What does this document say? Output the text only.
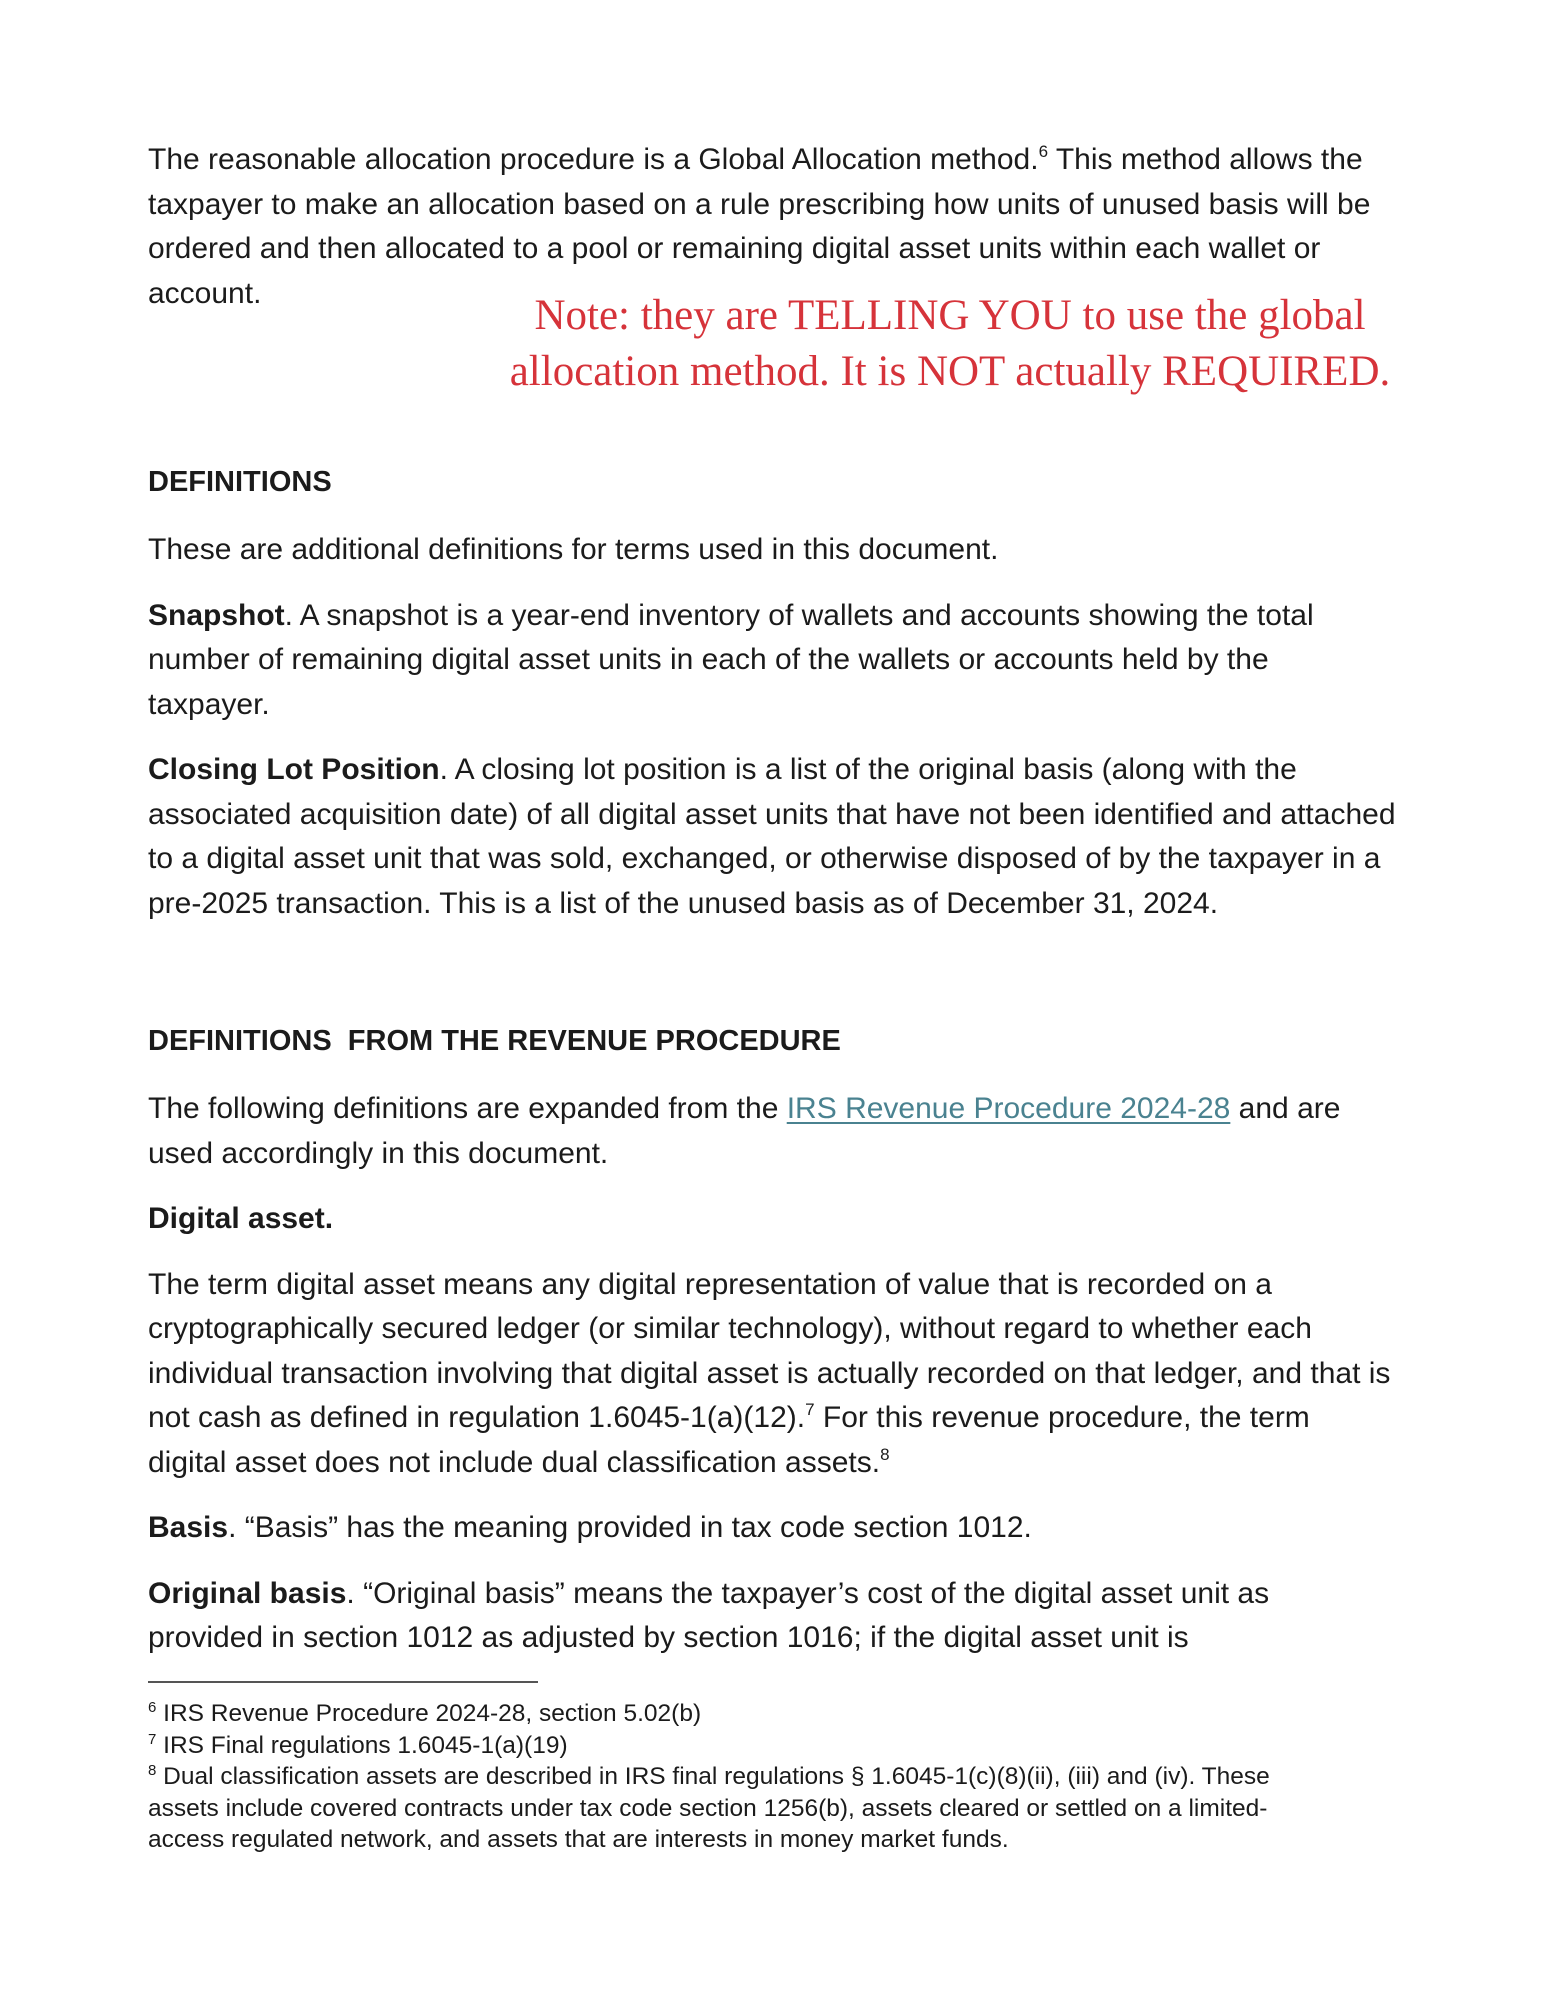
The reasonable allocation procedure is a Global Allocation method.$^6$ This method allows the taxpayer to make an allocation based on a rule prescribing how units of unused basis will be ordered and then allocated to a pool or remaining digital asset units within each wallet or account.

DEFINITIONS

These are additional definitions for terms used in this document.

Snapshot. A snapshot is a year-end inventory of wallets and accounts showing the total number of remaining digital asset units in each of the wallets or accounts held by the taxpayer.

Closing Lot Position. A closing lot position is a list of the original basis (along with the associated acquisition date) of all digital asset units that have not been identified and attached to a digital asset unit that was sold, exchanged, or otherwise disposed of by the taxpayer in a pre-2025 transaction. This is a list of the unused basis as of December 31, 2024.

DEFINITIONS  FROM THE REVENUE PROCEDURE

The following definitions are expanded from the IRS Revenue Procedure 2024-28 and are used accordingly in this document.

Digital asset.

The term digital asset means any digital representation of value that is recorded on a cryptographically secured ledger (or similar technology), without regard to whether each individual transaction involving that digital asset is actually recorded on that ledger, and that is not cash as defined in regulation 1.6045-1(a)(12).$^7$ For this revenue procedure, the term digital asset does not include dual classification assets.$^8$

Basis. “Basis” has the meaning provided in tax code section 1012.

Original basis. “Original basis” means the taxpayer’s cost of the digital asset unit as provided in section 1012 as adjusted by section 1016; if the digital asset unit is

Note: they are TELLING YOU to use the global
allocation method. It is NOT actually REQUIRED.

$^6$ IRS Revenue Procedure 2024-28, section 5.02(b)

$^7$ IRS Final regulations 1.6045-1(a)(19)

$^8$ Dual classification assets are described in IRS final regulations § 1.6045-1(c)(8)(ii), (iii) and (iv). These assets include covered contracts under tax code section 1256(b), assets cleared or settled on a limited-access regulated network, and assets that are interests in money market funds.
